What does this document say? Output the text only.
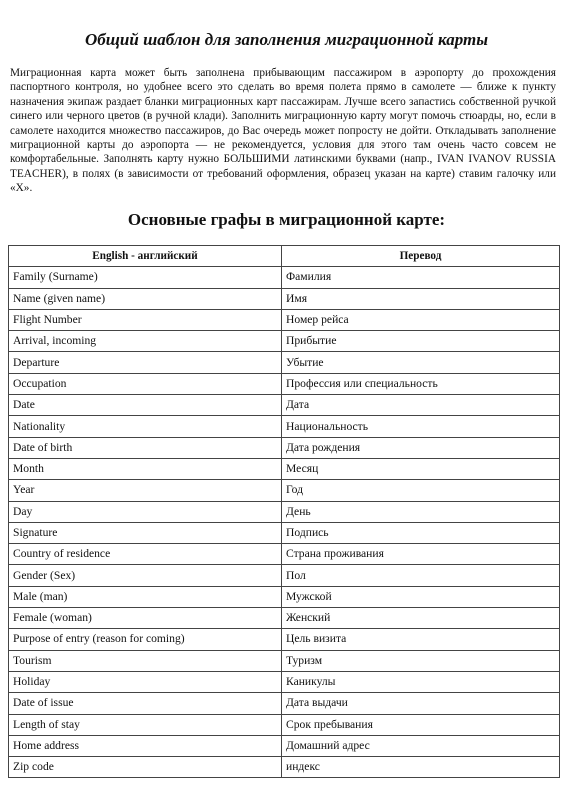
Общий шаблон для заполнения миграционной карты

Миграционная карта может быть заполнена прибывающим пассажиром в аэропорту до прохождения паспортного контроля, но удобнее всего это сделать во время полета прямо в самолете — ближе к пункту назначения экипаж раздает бланки миграционных карт пассажирам. Лучше всего запастись собственной ручкой синего или черного цветов (в ручной клади). Заполнить миграционную карту могут помочь стюарды, но, если в самолете находится множество пассажиров, до Вас очередь может попросту не дойти. Откладывать заполнение миграционной карты до аэропорта — не рекомендуется, условия для этого там очень часто совсем не комфортабельные. Заполнять карту нужно БОЛЬШИМИ латинскими буквами (напр., IVAN IVANOV RUSSIA TEACHER), в полях (в зависимости от требований оформления, образец указан на карте) ставим галочку или «X».

Основные графы в миграционной карте:
English - английский	Перевод
Family (Surname)	Фамилия
Name (given name)	Имя
Flight Number	Номер рейса
Arrival, incoming	Прибытие
Departure	Убытие
Occupation	Профессия или специальность
Date	Дата
Nationality	Национальность
Date of birth	Дата рождения
Month	Месяц
Year	Год
Day	День
Signature	Подпись
Country of residence	Страна проживания
Gender (Sex)	Пол
Male (man)	Мужской
Female (woman)	Женский
Purpose of entry (reason for coming)	Цель визита
Tourism	Туризм
Holiday	Каникулы
Date of issue	Дата выдачи
Length of stay	Срок пребывания
Home address	Домашний адрес
Zip code	индекс
